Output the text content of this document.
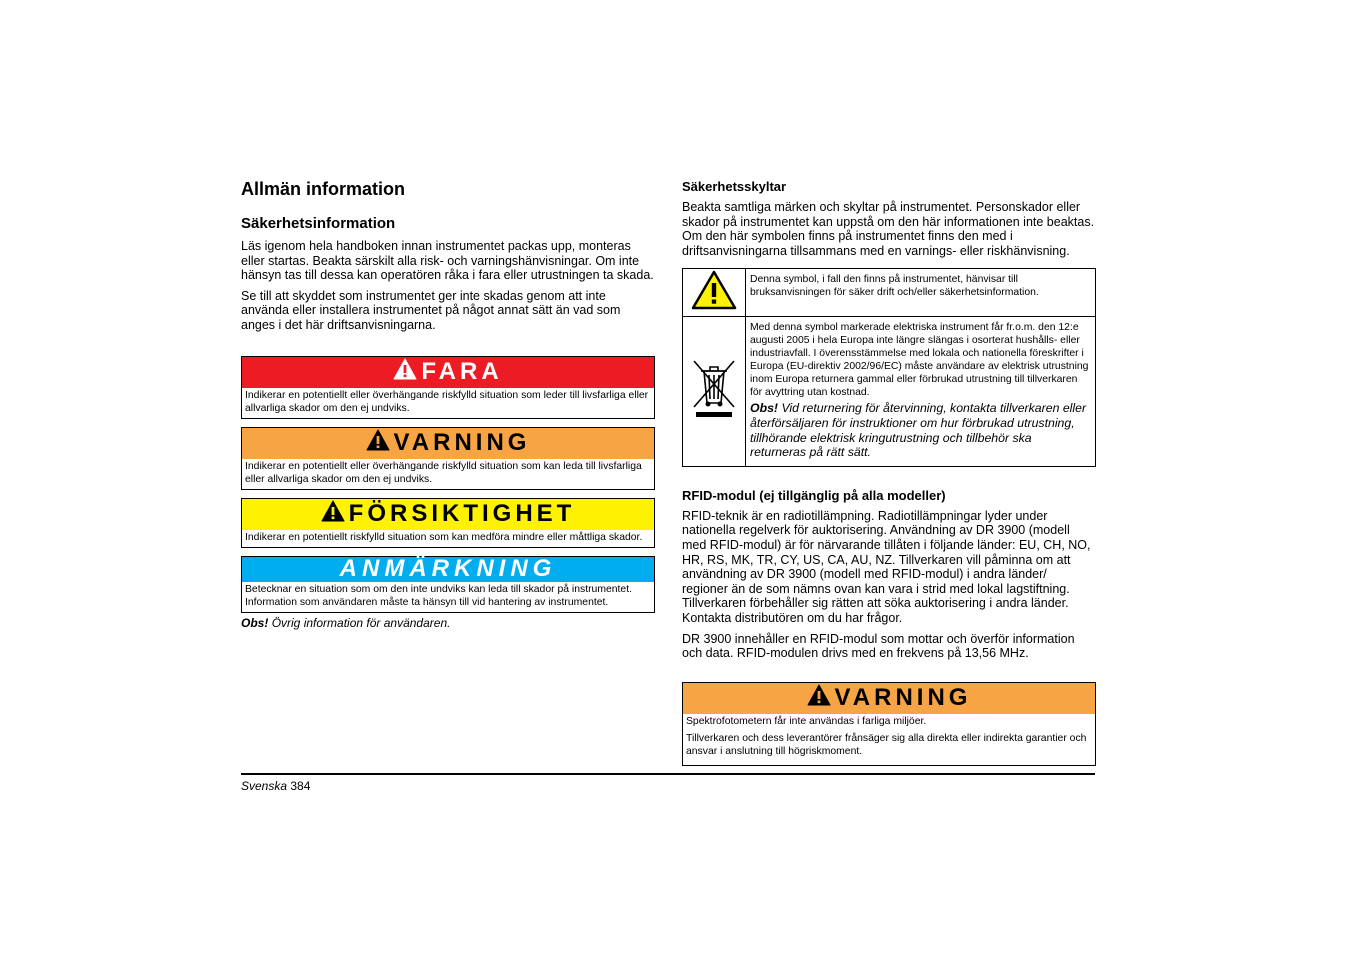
Allmän information
Säkerhetsinformation

Läs igenom hela handboken innan instrumentet packas upp, monteras eller startas. Beakta särskilt alla risk- och varningshänvisningar. Om inte hänsyn tas till dessa kan operatören råka i fara eller utrustningen ta skada.

Se till att skyddet som instrumentet ger inte skadas genom att inte använda eller installera instrumentet på något annat sätt än vad som anges i det här driftsanvisningarna.

FARA
Indikerar en potentiellt eller överhängande riskfylld situation som leder till livsfarliga eller allvarliga skador om den ej undviks.
VARNING
Indikerar en potentiellt eller överhängande riskfylld situation som kan leda till livsfarliga eller allvarliga skador om den ej undviks.
FÖRSIKTIGHET
Indikerar en potentiellt riskfylld situation som kan medföra mindre eller måttliga skador.
ANMÄRKNING
Betecknar en situation som om den inte undviks kan leda till skador på instrumentet. Information som användaren måste ta hänsyn till vid hantering av instrumentet.
Obs! Övrig information för användaren.
Säkerhetsskyltar

Beakta samtliga märken och skyltar på instrumentet. Personskador eller skador på instrumentet kan uppstå om den här informationen inte beaktas. Om den här symbolen finns på instrumentet finns den med i driftsanvisningarna tillsammans med en varnings- eller riskhänvisning.

	Denna symbol, i fall den finns på instrumentet, hänvisar till bruksanvisningen för säker drift och/eller säkerhetsinformation.

Med denna symbol markerade elektriska instrument får fr.o.m. den 12:e augusti 2005 i hela Europa inte längre slängas i osorterat hushålls- eller industriavfall. I överensstämmelse med lokala och nationella föreskrifter i Europa (EU-direktiv 2002/96/EC) måste användare av elektrisk utrustning inom Europa returnera gammal eller förbrukad utrustning till tillverkaren för avyttring utan kostnad.

Obs! Vid returnering för återvinning, kontakta tillverkaren eller återförsäljaren för instruktioner om hur förbrukad utrustning, tillhörande elektrisk kringutrustning och tillbehör ska returneras på rätt sätt.

RFID-modul (ej tillgänglig på alla modeller)

RFID-teknik är en radiotillämpning. Radiotillämpningar lyder under nationella regelverk för auktorisering. Användning av DR 3900 (modell med RFID-modul) är för närvarande tillåten i följande länder: EU, CH, NO, HR, RS, MK, TR, CY, US, CA, AU, NZ. Tillverkaren vill påminna om att användning av DR 3900 (modell med RFID-modul) i andra länder/ regioner än de som nämns ovan kan vara i strid med lokal lagstiftning. Tillverkaren förbehåller sig rätten att söka auktorisering i andra länder. Kontakta distributören om du har frågor.

DR 3900 innehåller en RFID-modul som mottar och överför information och data. RFID-modulen drivs med en frekvens på 13,56 MHz.

VARNING

Spektrofotometern får inte användas i farliga miljöer.

Tillverkaren och dess leverantörer frånsäger sig alla direkta eller indirekta garantier och ansvar i anslutning till högriskmoment.

Svenska 384
